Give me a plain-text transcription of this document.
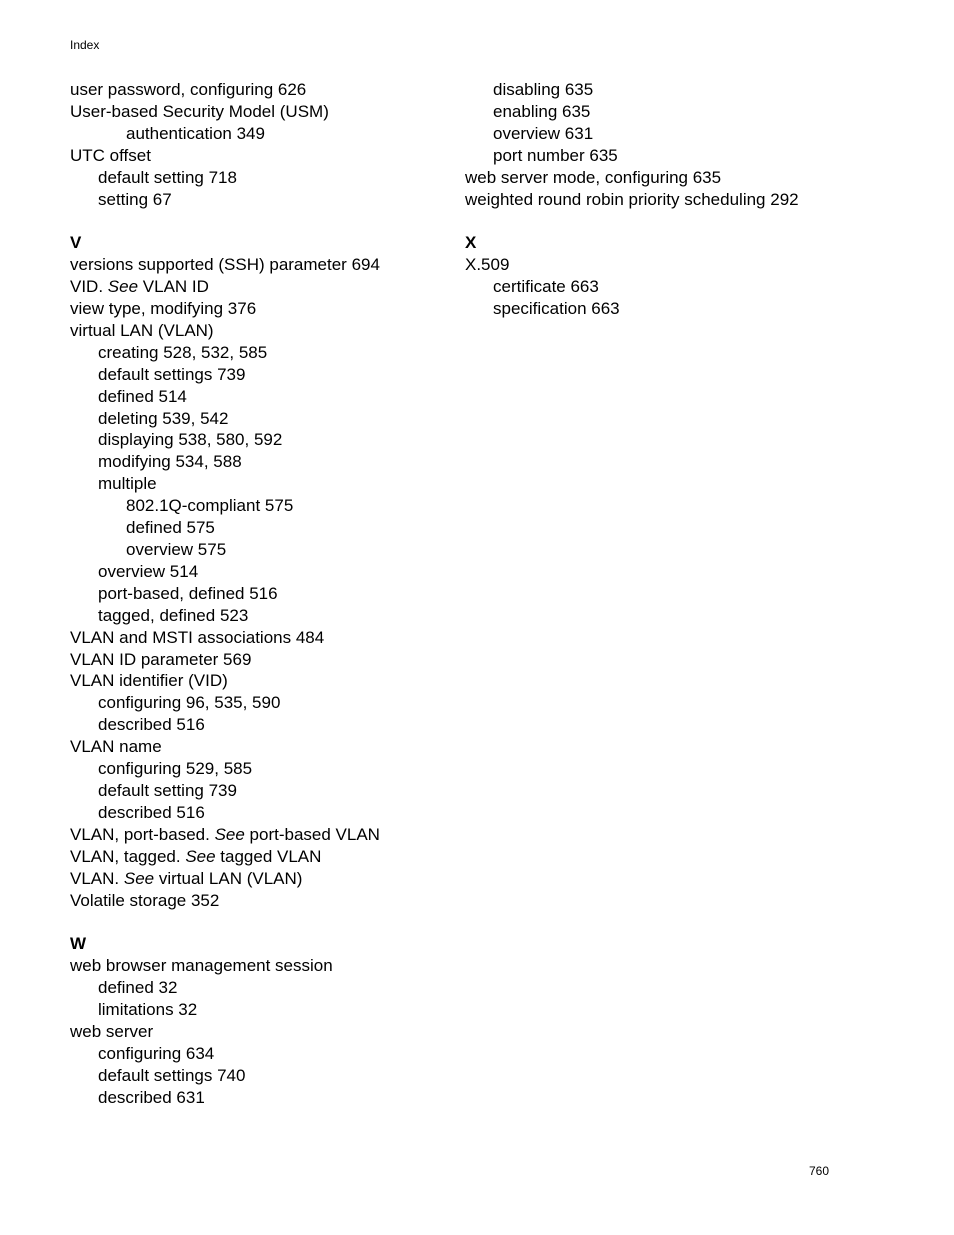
Index
user password, configuring 626
User-based Security Model (USM)
authentication 349
UTC offset
default setting 718
setting 67
V
versions supported (SSH) parameter 694
VID. See VLAN ID
view type, modifying 376
virtual LAN (VLAN)
creating 528, 532, 585
default settings 739
defined 514
deleting 539, 542
displaying 538, 580, 592
modifying 534, 588
multiple
802.1Q-compliant 575
defined 575
overview 575
overview 514
port-based, defined 516
tagged, defined 523
VLAN and MSTI associations 484
VLAN ID parameter 569
VLAN identifier (VID)
configuring 96, 535, 590
described 516
VLAN name
configuring 529, 585
default setting 739
described 516
VLAN, port-based. See port-based VLAN
VLAN, tagged. See tagged VLAN
VLAN. See virtual LAN (VLAN)
Volatile storage 352
W
web browser management session
defined 32
limitations 32
web server
configuring 634
default settings 740
described 631
disabling 635
enabling 635
overview 631
port number 635
web server mode, configuring 635
weighted round robin priority scheduling 292
X
X.509
certificate 663
specification 663
760
